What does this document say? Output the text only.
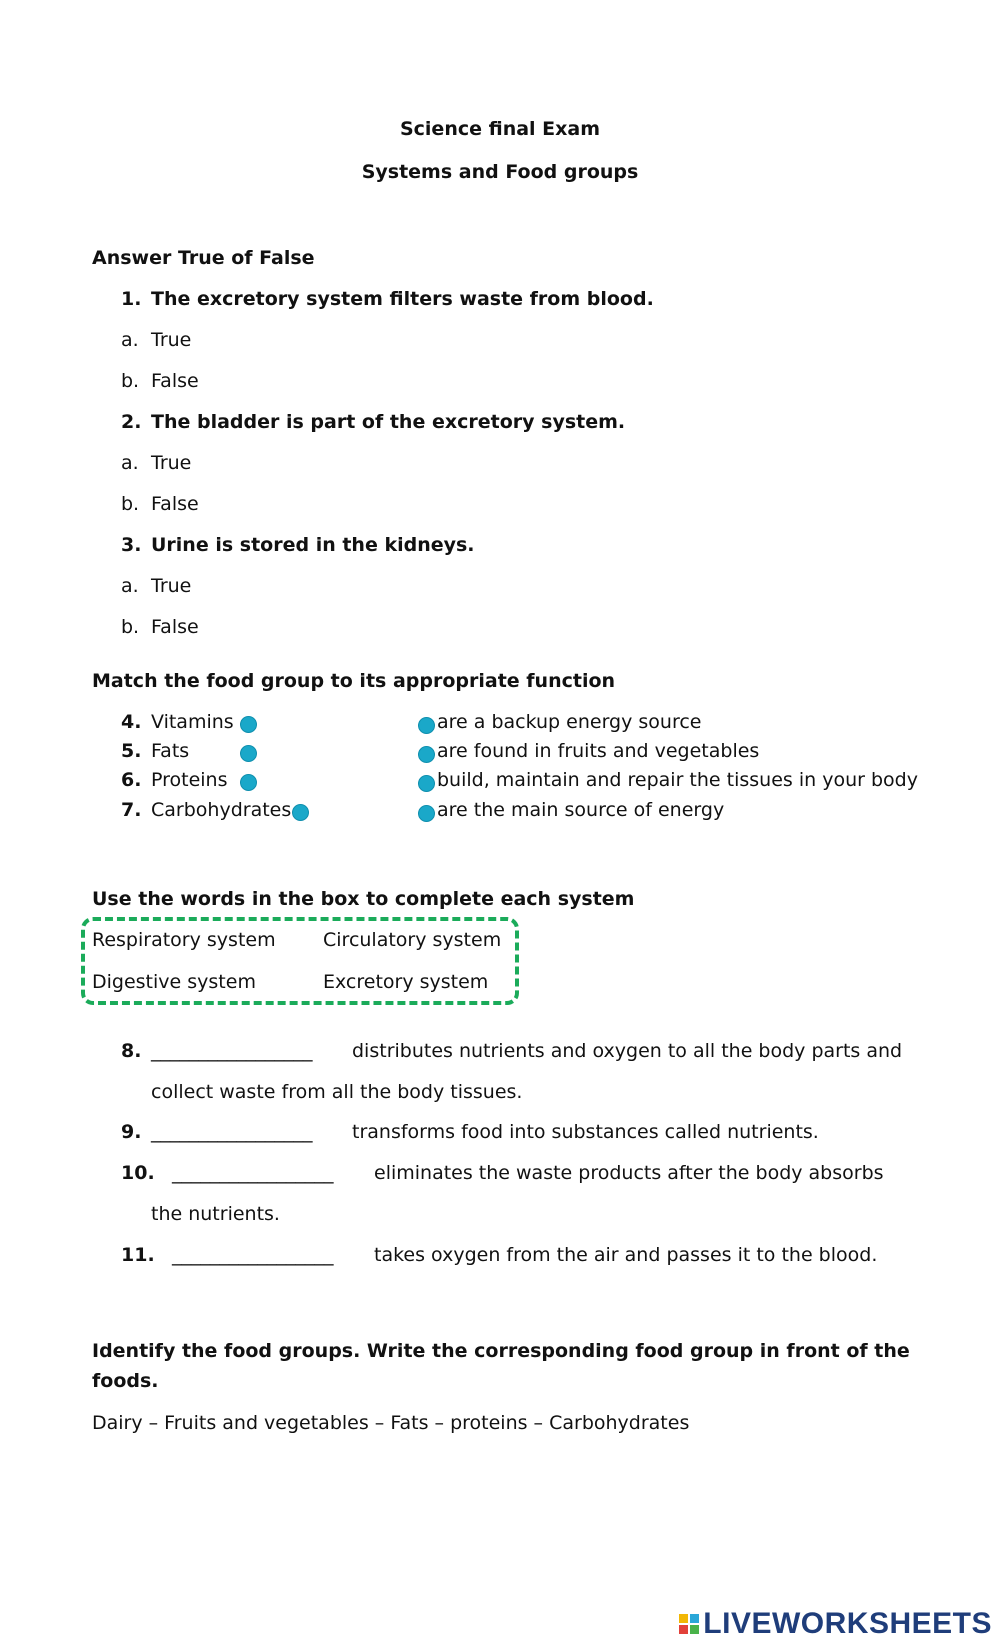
Science final Exam
Systems and Food groups
Answer True of False
1. The excretory system filters waste from blood.
a. True
b. False
2. The bladder is part of the excretory system.
a. True
b. False
3. Urine is stored in the kidneys.
a. True
b. False
Match the food group to its appropriate function
4. Vitamins
5. Fats
6. Proteins
7. Carbohydrates
are a backup energy source
are found in fruits and vegetables
build, maintain and repair the tissues in your body
are the main source of energy
Use the words in the box to complete each system
Respiratory system Circulatory system
Digestive system	Excretory system
8. _________________ distributes nutrients and oxygen to all the body parts and
collect waste from all the body tissues.
9. _________________ transforms food into substances called nutrients.
10. _________________ eliminates the waste products after the body absorbs
the nutrients.
11. _________________ takes oxygen from the air and passes it to the blood.
Identify the food groups. Write the corresponding food group in front of the
foods.
Dairy – Fruits and vegetables – Fats – proteins – Carbohydrates
LIVEWORKSHEETS
